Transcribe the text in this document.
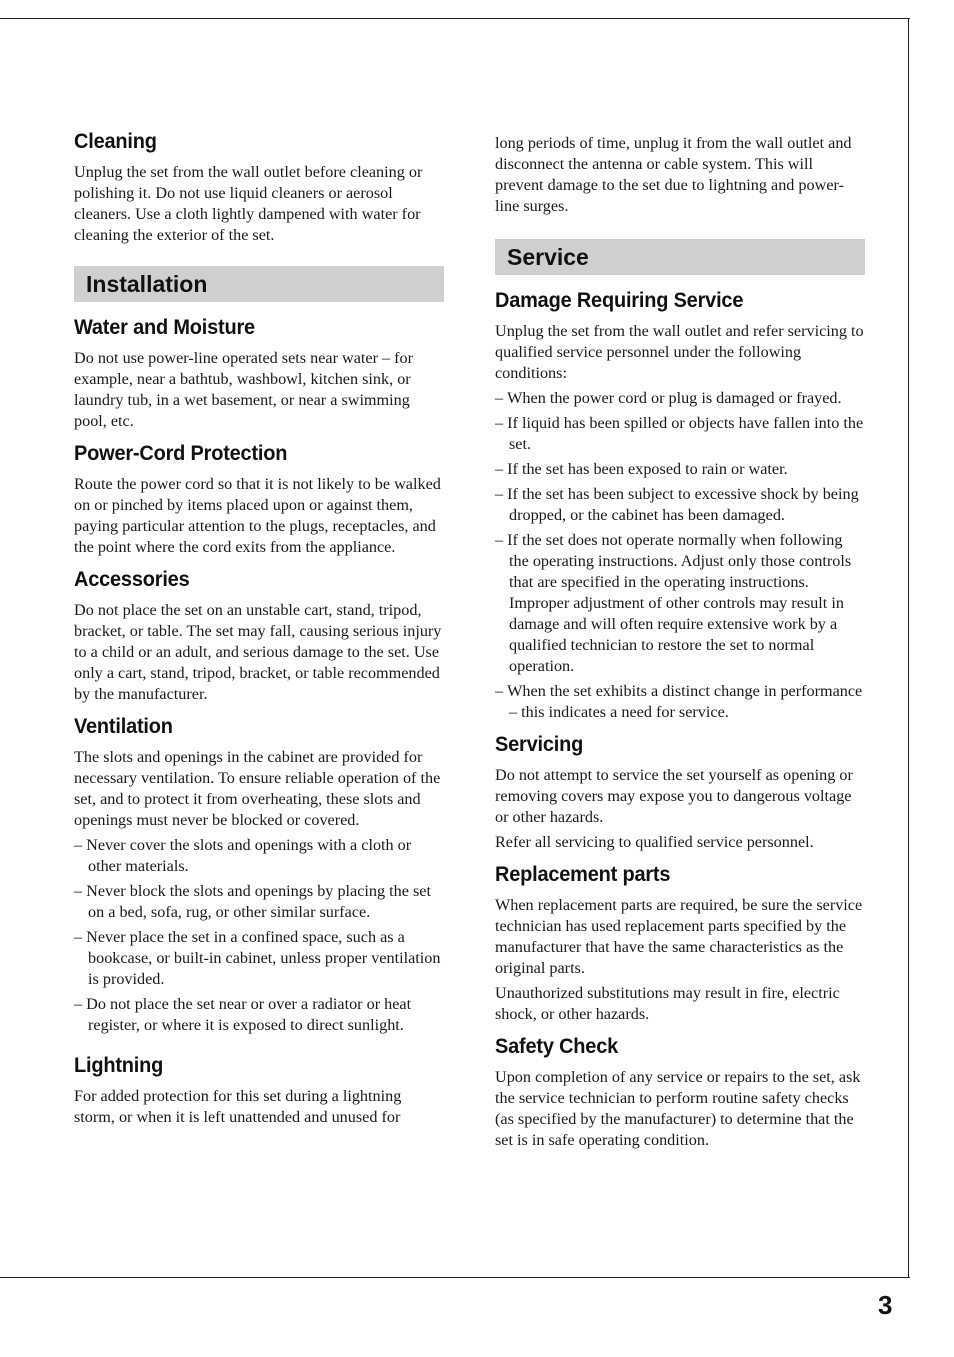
Cleaning

Unplug the set from the wall outlet before cleaning or polishing it. Do not use liquid cleaners or aerosol cleaners. Use a cloth lightly dampened with water for cleaning the exterior of the set.

Installation
Water and Moisture

Do not use power-line operated sets near water – for example, near a bathtub, washbowl, kitchen sink, or laundry tub, in a wet basement, or near a swimming pool, etc.

Power-Cord Protection

Route the power cord so that it is not likely to be walked on or pinched by items placed upon or against them, paying particular attention to the plugs, receptacles, and the point where the cord exits from the appliance.

Accessories

Do not place the set on an unstable cart, stand, tripod, bracket, or table. The set may fall, causing serious injury to a child or an adult, and serious damage to the set. Use only a cart, stand, tripod, bracket, or table recommended by the manufacturer.

Ventilation

The slots and openings in the cabinet are provided for necessary ventilation. To ensure reliable operation of the set, and to protect it from overheating, these slots and openings must never be blocked or covered.

– Never cover the slots and openings with a cloth or other materials.
– Never block the slots and openings by placing the set on a bed, sofa, rug, or other similar surface.
– Never place the set in a confined space, such as a bookcase, or built-in cabinet, unless proper ventilation is provided.
– Do not place the set near or over a radiator or heat register, or where it is exposed to direct sunlight.
Lightning

For added protection for this set during a lightning storm, or when it is left unattended and unused for

long periods of time, unplug it from the wall outlet and disconnect the antenna or cable system. This will prevent damage to the set due to lightning and power-line surges.

Service
Damage Requiring Service

Unplug the set from the wall outlet and refer servicing to qualified service personnel under the following conditions:

– When the power cord or plug is damaged or frayed.
– If liquid has been spilled or objects have fallen into the set.
– If the set has been exposed to rain or water.
– If the set has been subject to excessive shock by being dropped, or the cabinet has been damaged.
– If the set does not operate normally when following the operating instructions. Adjust only those controls that are specified in the operating instructions. Improper adjustment of other controls may result in damage and will often require extensive work by a qualified technician to restore the set to normal operation.
– When the set exhibits a distinct change in performance – this indicates a need for service.
Servicing

Do not attempt to service the set yourself as opening or removing covers may expose you to dangerous voltage or other hazards.

Refer all servicing to qualified service personnel.

Replacement parts

When replacement parts are required, be sure the service technician has used replacement parts specified by the manufacturer that have the same characteristics as the original parts.

Unauthorized substitutions may result in fire, electric shock, or other hazards.

Safety Check

Upon completion of any service or repairs to the set, ask the service technician to perform routine safety checks (as specified by the manufacturer) to determine that the set is in safe operating condition.

3
